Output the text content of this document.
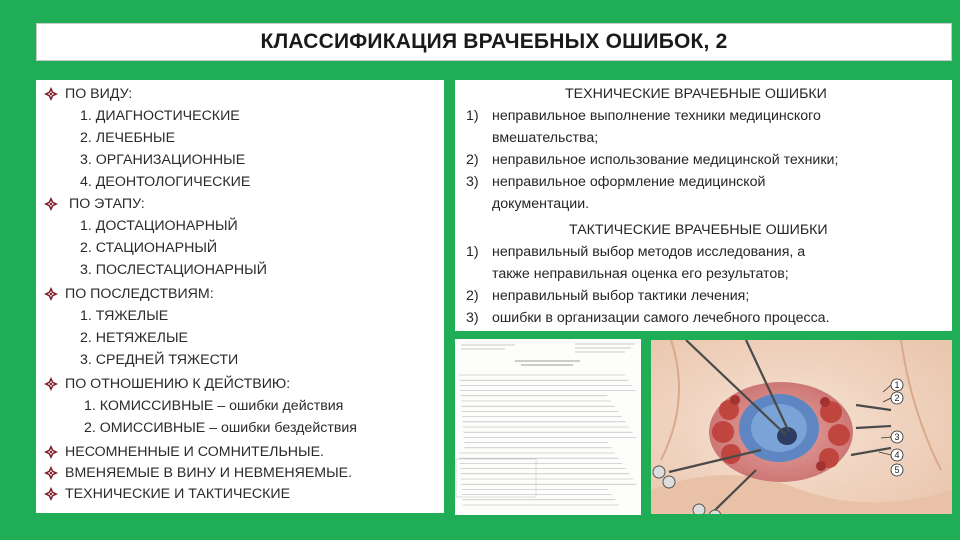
КЛАССИФИКАЦИЯ ВРАЧЕБНЫХ ОШИБОК, 2
ПО ВИДУ:
1. ДИАГНОСТИЧЕСКИЕ
2. ЛЕЧЕБНЫЕ
3. ОРГАНИЗАЦИОННЫЕ
4. ДЕОНТОЛОГИЧЕСКИЕ
ПО ЭТАПУ:
1. ДОСТАЦИОНАРНЫЙ
2. СТАЦИОНАРНЫЙ
3. ПОСЛЕСТАЦИОНАРНЫЙ
ПО ПОСЛЕДСТВИЯМ:
1. ТЯЖЕЛЫЕ
2. НЕТЯЖЕЛЫЕ
3. СРЕДНЕЙ ТЯЖЕСТИ
ПО ОТНОШЕНИЮ К ДЕЙСТВИЮ:
1. КОМИССИВНЫЕ – ошибки действия
2. ОМИССИВНЫЕ – ошибки бездействия
НЕСОМНЕННЫЕ И СОМНИТЕЛЬНЫЕ.
ВМЕНЯЕМЫЕ В ВИНУ И НЕВМЕНЯЕМЫЕ.
ТЕХНИЧЕСКИЕ И ТАКТИЧЕСКИЕ
ТЕХНИЧЕСКИЕ ВРАЧЕБНЫЕ ОШИБКИ
1) неправильное выполнение техники медицинского
вмешательства;
2) неправильное использование медицинской техники;
3) неправильное оформление медицинской
документации.
ТАКТИЧЕСКИЕ ВРАЧЕБНЫЕ ОШИБКИ
1) неправильный выбор методов исследования, а
также неправильная оценка его результатов;
2) неправильный выбор тактики лечения;
3) ошибки в организации самого лечебного процесса.
1
2
3
4
5
